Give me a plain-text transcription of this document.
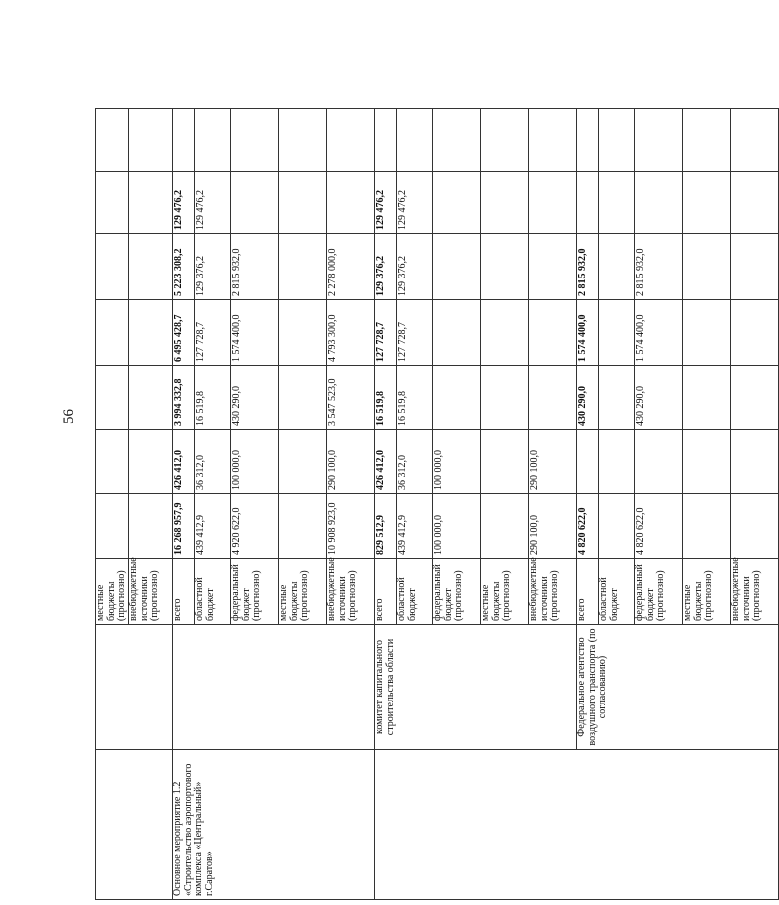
56
		местные бюджеты (прогнозно)							
		внебюджетные источники (прогнозно)							
Основное мероприятие 1.2 «Строительство аэропортового комплекса «Центральный» г.Саратов»		всего	16 268 957,9	426 412,0	3 994 332,8	6 495 428,7	5 223 308,2	129 476,2	
		областной бюджет	439 412,9	36 312,0	16 519,8	127 728,7	129 376,2	129 476,2	
		федеральный бюджет (прогнозно)	4 920 622,0	100 000,0	430 290,0	1 574 400,0	2 815 932,0		
		местные бюджеты (прогнозно)							
		внебюджетные источники (прогнозно)	10 908 923,0	290 100,0	3 547 523,0	4 793 300,0	2 278 000,0		
	комитет капитального строительства области	всего	829 512,9	426 412,0	16 519,8	127 728,7	129 376,2	129 476,2	
		областной бюджет	439 412,9	36 312,0	16 519,8	127 728,7	129 376,2	129 476,2	
		федеральный бюджет (прогнозно)	100 000,0	100 000,0					
		местные бюджеты (прогнозно)							
		внебюджетные источники (прогнозно)	290 100,0	290 100,0					
	Федеральное агентство воздушного транспорта (по согласованию)	всего	4 820 622,0		430 290,0	1 574 400,0	2 815 932,0		
		областной бюджет							
		федеральный бюджет (прогнозно)	4 820 622,0		430 290,0	1 574 400,0	2 815 932,0		
		местные бюджеты (прогнозно)							
		внебюджетные источники (прогнозно)							
